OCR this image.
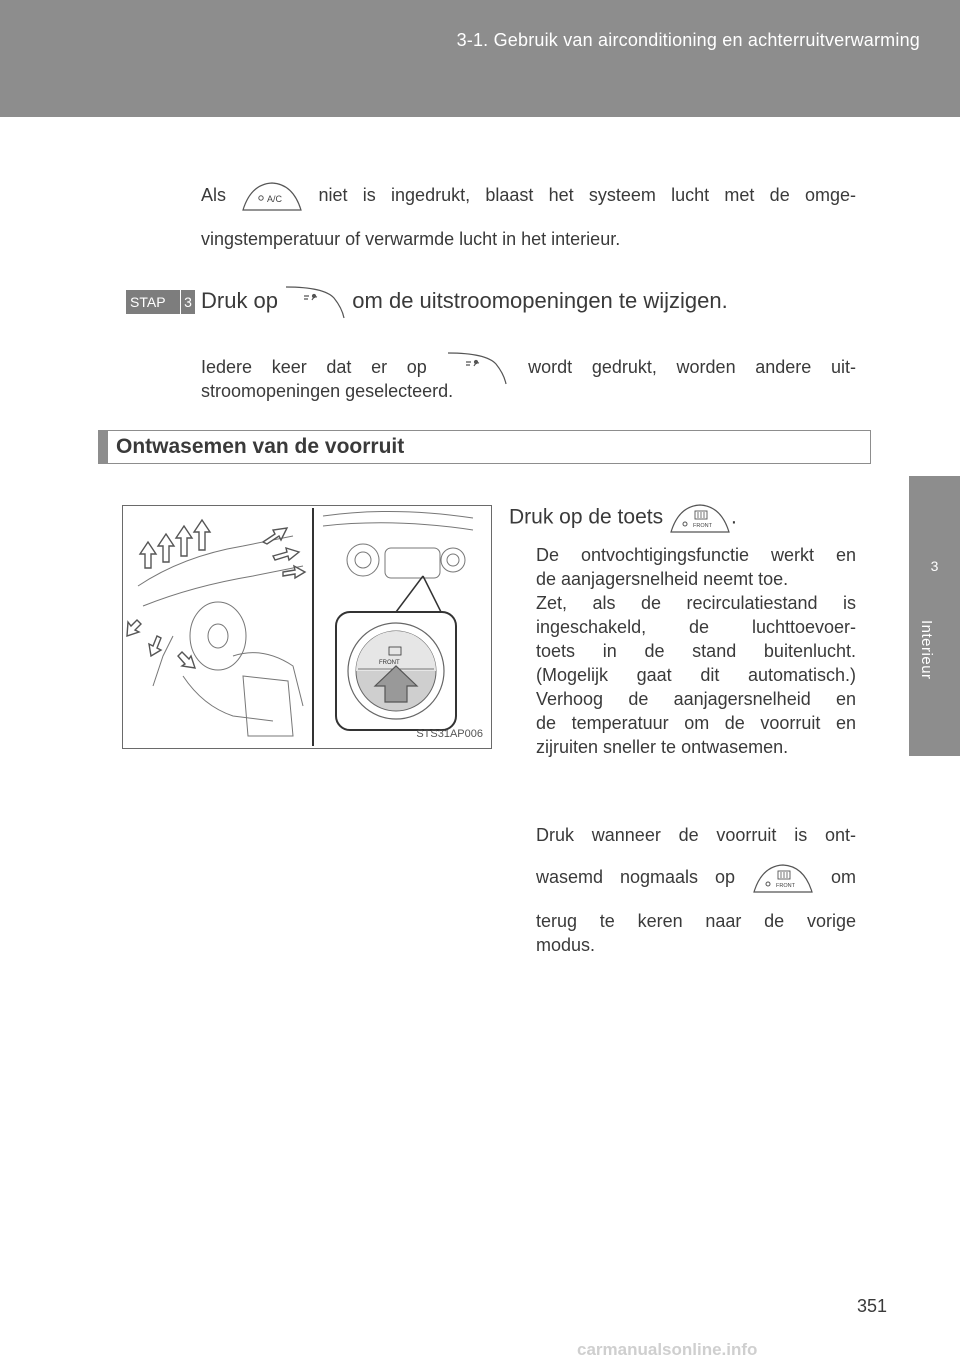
3-1. Gebruik van airconditioning en achterruitverwarming
3
Interieur
Als	A/C niet is ingedrukt, blaast het systeem lucht met de omge-
vingstemperatuur of verwarmde lucht in het interieur.
STAP 3 Druk op	om de uitstroomopeningen te wijzigen.
Iedere keer dat er op	wordt gedrukt, worden andere uit-
stroomopeningen geselecteerd.
Ontwasemen van de voorruit
FRONT
STS31AP006
Druk op de toets	FRONT .
De ontvochtigingsfunctie werkt en
de aanjagersnelheid neemt toe.
Zet, als de recirculatiestand is
ingeschakeld, de luchttoevoer-
toets in de stand buitenlucht.
(Mogelijk gaat dit automatisch.)
Verhoog de aanjagersnelheid en
de temperatuur om de voorruit en
zijruiten sneller te ontwasemen.
Druk wanneer de voorruit is ont-
wasemd nogmaals op	FRONT om
terug te keren naar de vorige
modus.
351
carmanualsonline.info
